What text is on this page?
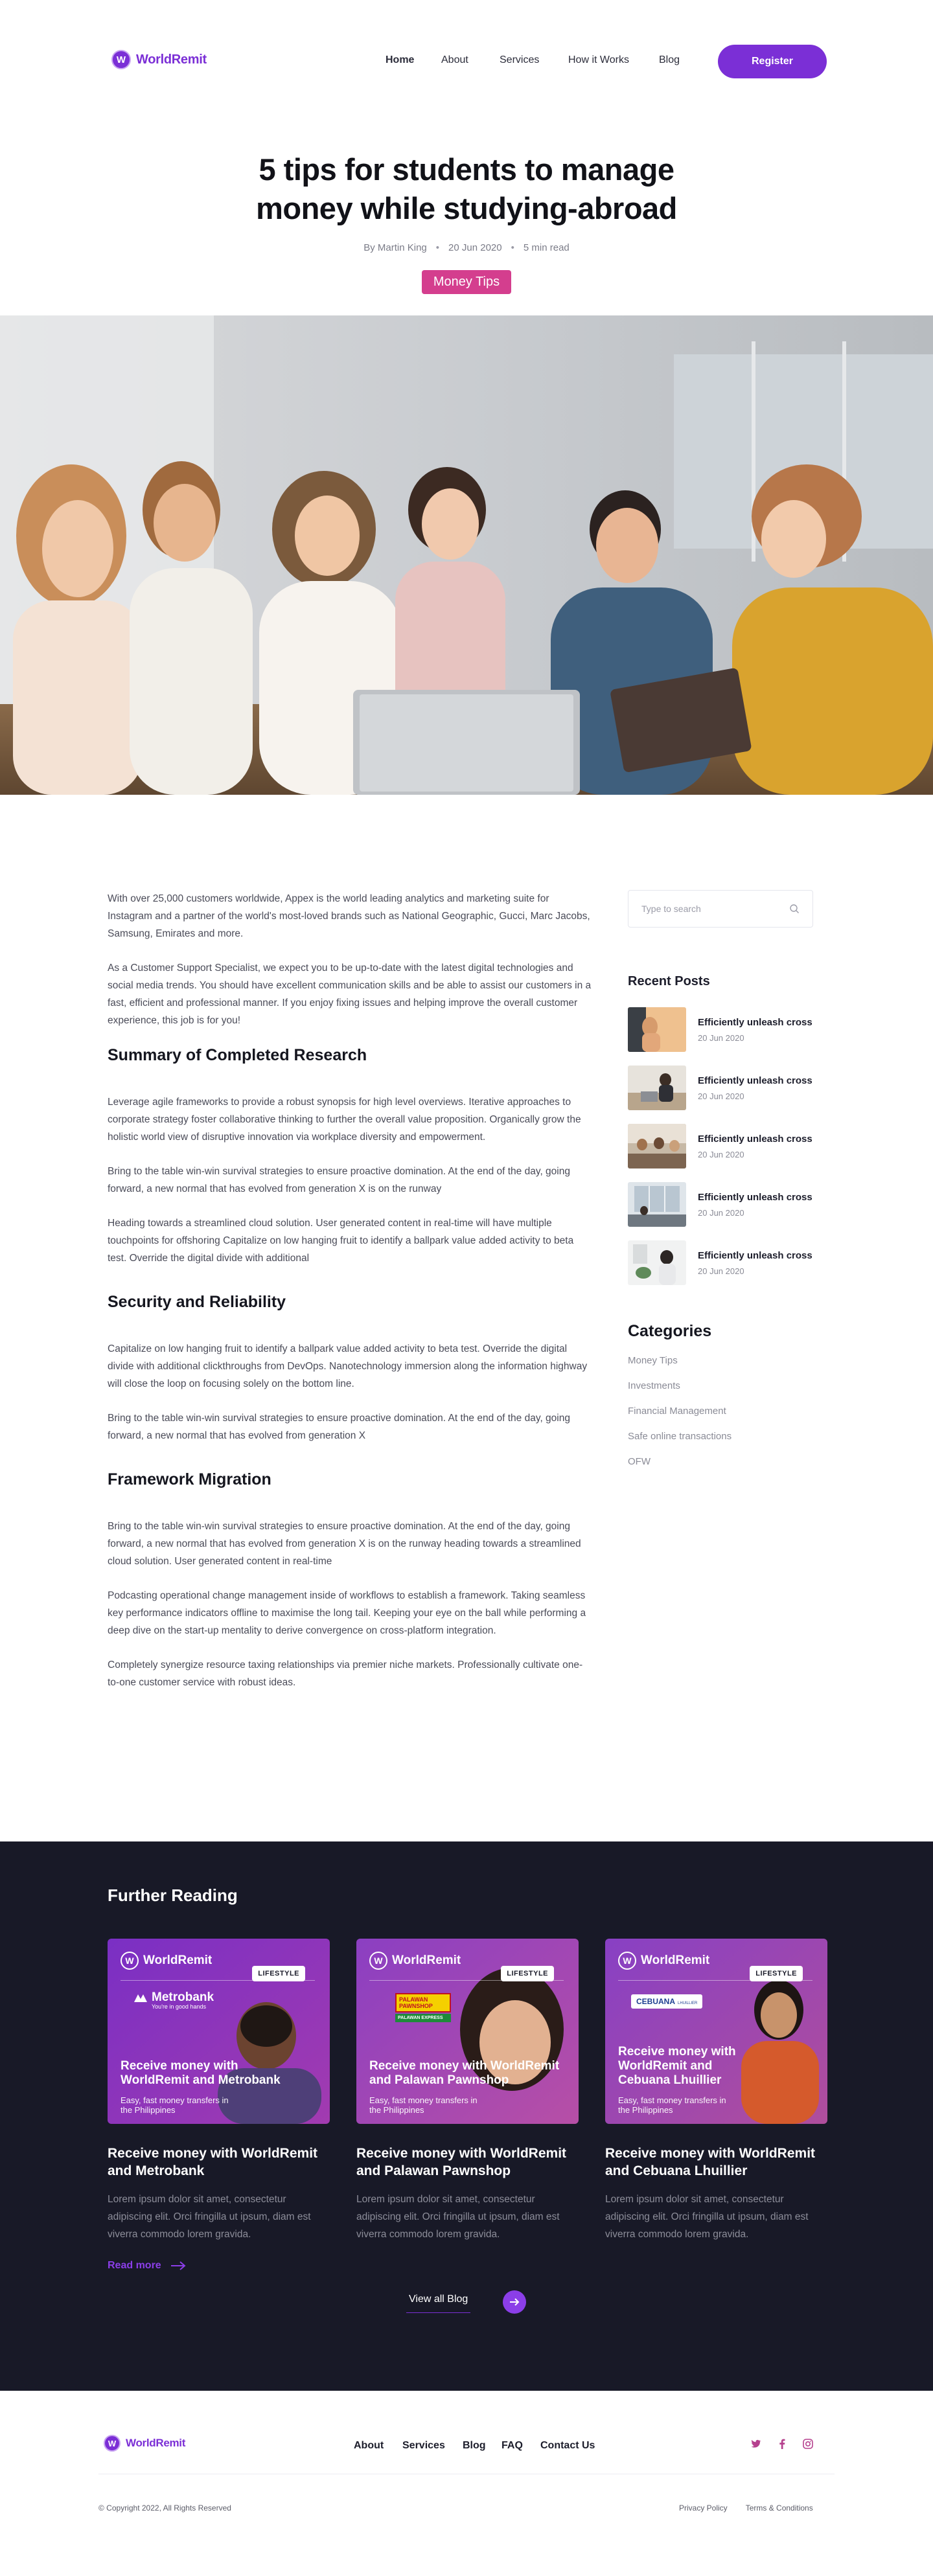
W WorldRemit	Home	About	Services	How it Works	Blog	Register
5 tips for students to manage money while studying-abroad
By Martin King • 20 Jun 2020 • 5 min read
Money Tips

With over 25,000 customers worldwide, Appex is the world leading analytics and marketing suite for Instagram and a partner of the world's most-loved brands such as National Geographic, Gucci, Marc Jacobs, Samsung, Emirates and more.

As a Customer Support Specialist, we expect you to be up-to-date with the latest digital technologies and social media trends. You should have excellent communication skills and be able to assist our customers in a fast, efficient and professional manner. If you enjoy fixing issues and helping improve the overall customer experience, this job is for you!

Summary of Completed Research

Leverage agile frameworks to provide a robust synopsis for high level overviews. Iterative approaches to corporate strategy foster collaborative thinking to further the overall value proposition. Organically grow the holistic world view of disruptive innovation via workplace diversity and empowerment.

Bring to the table win-win survival strategies to ensure proactive domination. At the end of the day, going forward, a new normal that has evolved from generation X is on the runway

Heading towards a streamlined cloud solution. User generated content in real-time will have multiple touchpoints for offshoring Capitalize on low hanging fruit to identify a ballpark value added activity to beta test. Override the digital divide with additional

Security and Reliability

Capitalize on low hanging fruit to identify a ballpark value added activity to beta test. Override the digital divide with additional clickthroughs from DevOps. Nanotechnology immersion along the information highway will close the loop on focusing solely on the bottom line.

Bring to the table win-win survival strategies to ensure proactive domination. At the end of the day, going forward, a new normal that has evolved from generation X

Framework Migration

Bring to the table win-win survival strategies to ensure proactive domination. At the end of the day, going forward, a new normal that has evolved from generation X is on the runway heading towards a streamlined cloud solution. User generated content in real-time

Podcasting operational change management inside of workflows to establish a framework. Taking seamless key performance indicators offline to maximise the long tail. Keeping your eye on the ball while performing a deep dive on the start-up mentality to derive convergence on cross-platform integration.

Completely synergize resource taxing relationships via premier niche markets. Professionally cultivate one-to-one customer service with robust ideas.

Type to search
Recent Posts
Efficiently unleash cross
20 Jun 2020
Efficiently unleash cross
20 Jun 2020
Efficiently unleash cross
20 Jun 2020
Efficiently unleash cross
20 Jun 2020
Efficiently unleash cross
20 Jun 2020
Categories
Money Tips
Investments
Financial Management
Safe online transactions
OFW
Further Reading
W WorldRemit
LIFESTYLE
Metrobank
You're in good hands
Receive money with WorldRemit and Metrobank
Easy, fast money transfers in the Philippines
Receive money with WorldRemit and Metrobank
Lorem ipsum dolor sit amet, consectetur adipiscing elit. Orci fringilla ut ipsum, diam est viverra commodo lorem gravida.
Read more
W WorldRemit
LIFESTYLE
PALAWAN PAWNSHOP
PALAWAN EXPRESS
Receive money with WorldRemit and Palawan Pawnshop
Easy, fast money transfers in the Philippines
Receive money with WorldRemit and Palawan Pawnshop
Lorem ipsum dolor sit amet, consectetur adipiscing elit. Orci fringilla ut ipsum, diam est viverra commodo lorem gravida.
W WorldRemit
LIFESTYLE
CEBUANA LHUILLIER
Receive money with WorldRemit and Cebuana Lhuillier
Easy, fast money transfers in the Philippines
Receive money with WorldRemit and Cebuana Lhuillier
Lorem ipsum dolor sit amet, consectetur adipiscing elit. Orci fringilla ut ipsum, diam est viverra commodo lorem gravida.
View all Blog
W WorldRemit	About Services Blog FAQ Contact Us
© Copyright 2022, All Rights Reserved	Privacy Policy Terms & Conditions
